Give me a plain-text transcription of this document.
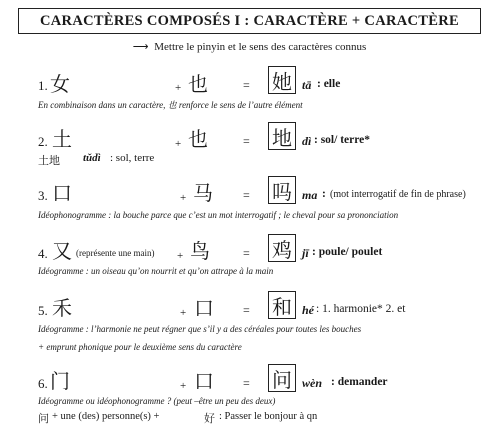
CARACTÈRES COMPOSÉS I : CARACTÈRE + CARACTÈRE
⟶ Mettre le pinyin et le sens des caractères connus
1. 女	+ 也	= 她 tā : elle
En combinaison dans un caractère, 也 renforce le sens de l’autre élément
2. 土	+ 也	= 地 dì : sol/ terre*
土地 tǔdì : sol, terre
3. 口	+ 马	= 吗 ma : (mot interrogatif de fin de phrase)
Idéophonogramme : la bouche parce que c’est un mot interrogatif ; le cheval pour sa prononciation
4. 又 (représente une main) + 鸟	= 鸡 jī : poule/ poulet
Idéogramme : un oiseau qu’on nourrit et qu’on attrape à la main
5. 禾	+ 口 = 和 hé : 1. harmonie* 2. et
Idéogramme : l’harmonie ne peut régner que s’il y a des céréales pour toutes les bouches
+ emprunt phonique pour le deuxième sens du caractère
6. 门	+ 口 = 问 wèn : demander
Idéogramme ou idéophonogramme ? (peut –être un peu des deux)
问 + une (des) personne(s) +	好 : Passer le bonjour à qn
